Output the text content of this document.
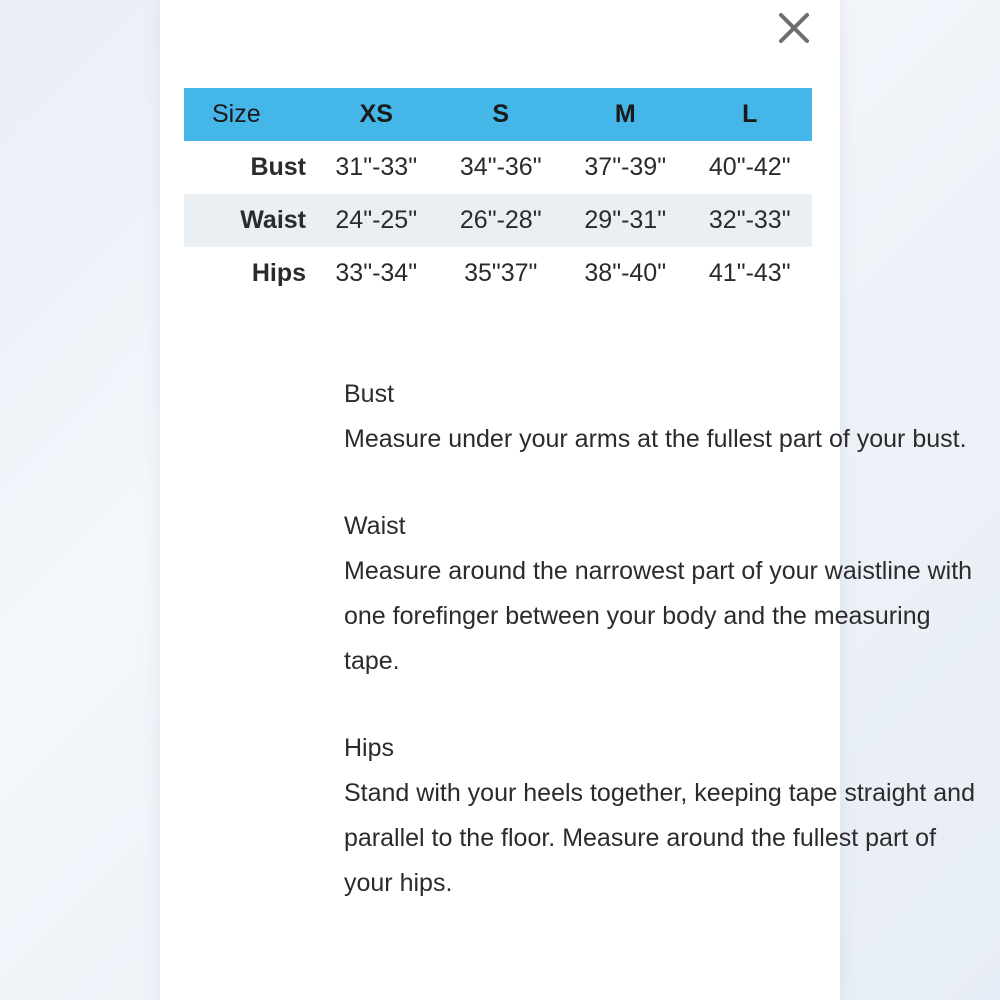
Size	XS	S	M	L
Bust	31"-33"	34"-36"	37"-39"	40"-42"
Waist	24"-25"	26"-28"	29"-31"	32"-33"
Hips	33"-34"	35"37"	38"-40"	41"-43"
Bust

Measure under your arms at the fullest part of your bust.

Waist

Measure around the narrowest part of your waistline with one forefinger between your body and the measuring tape.

Hips

Stand with your heels together, keeping tape straight and parallel to the floor. Measure around the fullest part of your hips.
